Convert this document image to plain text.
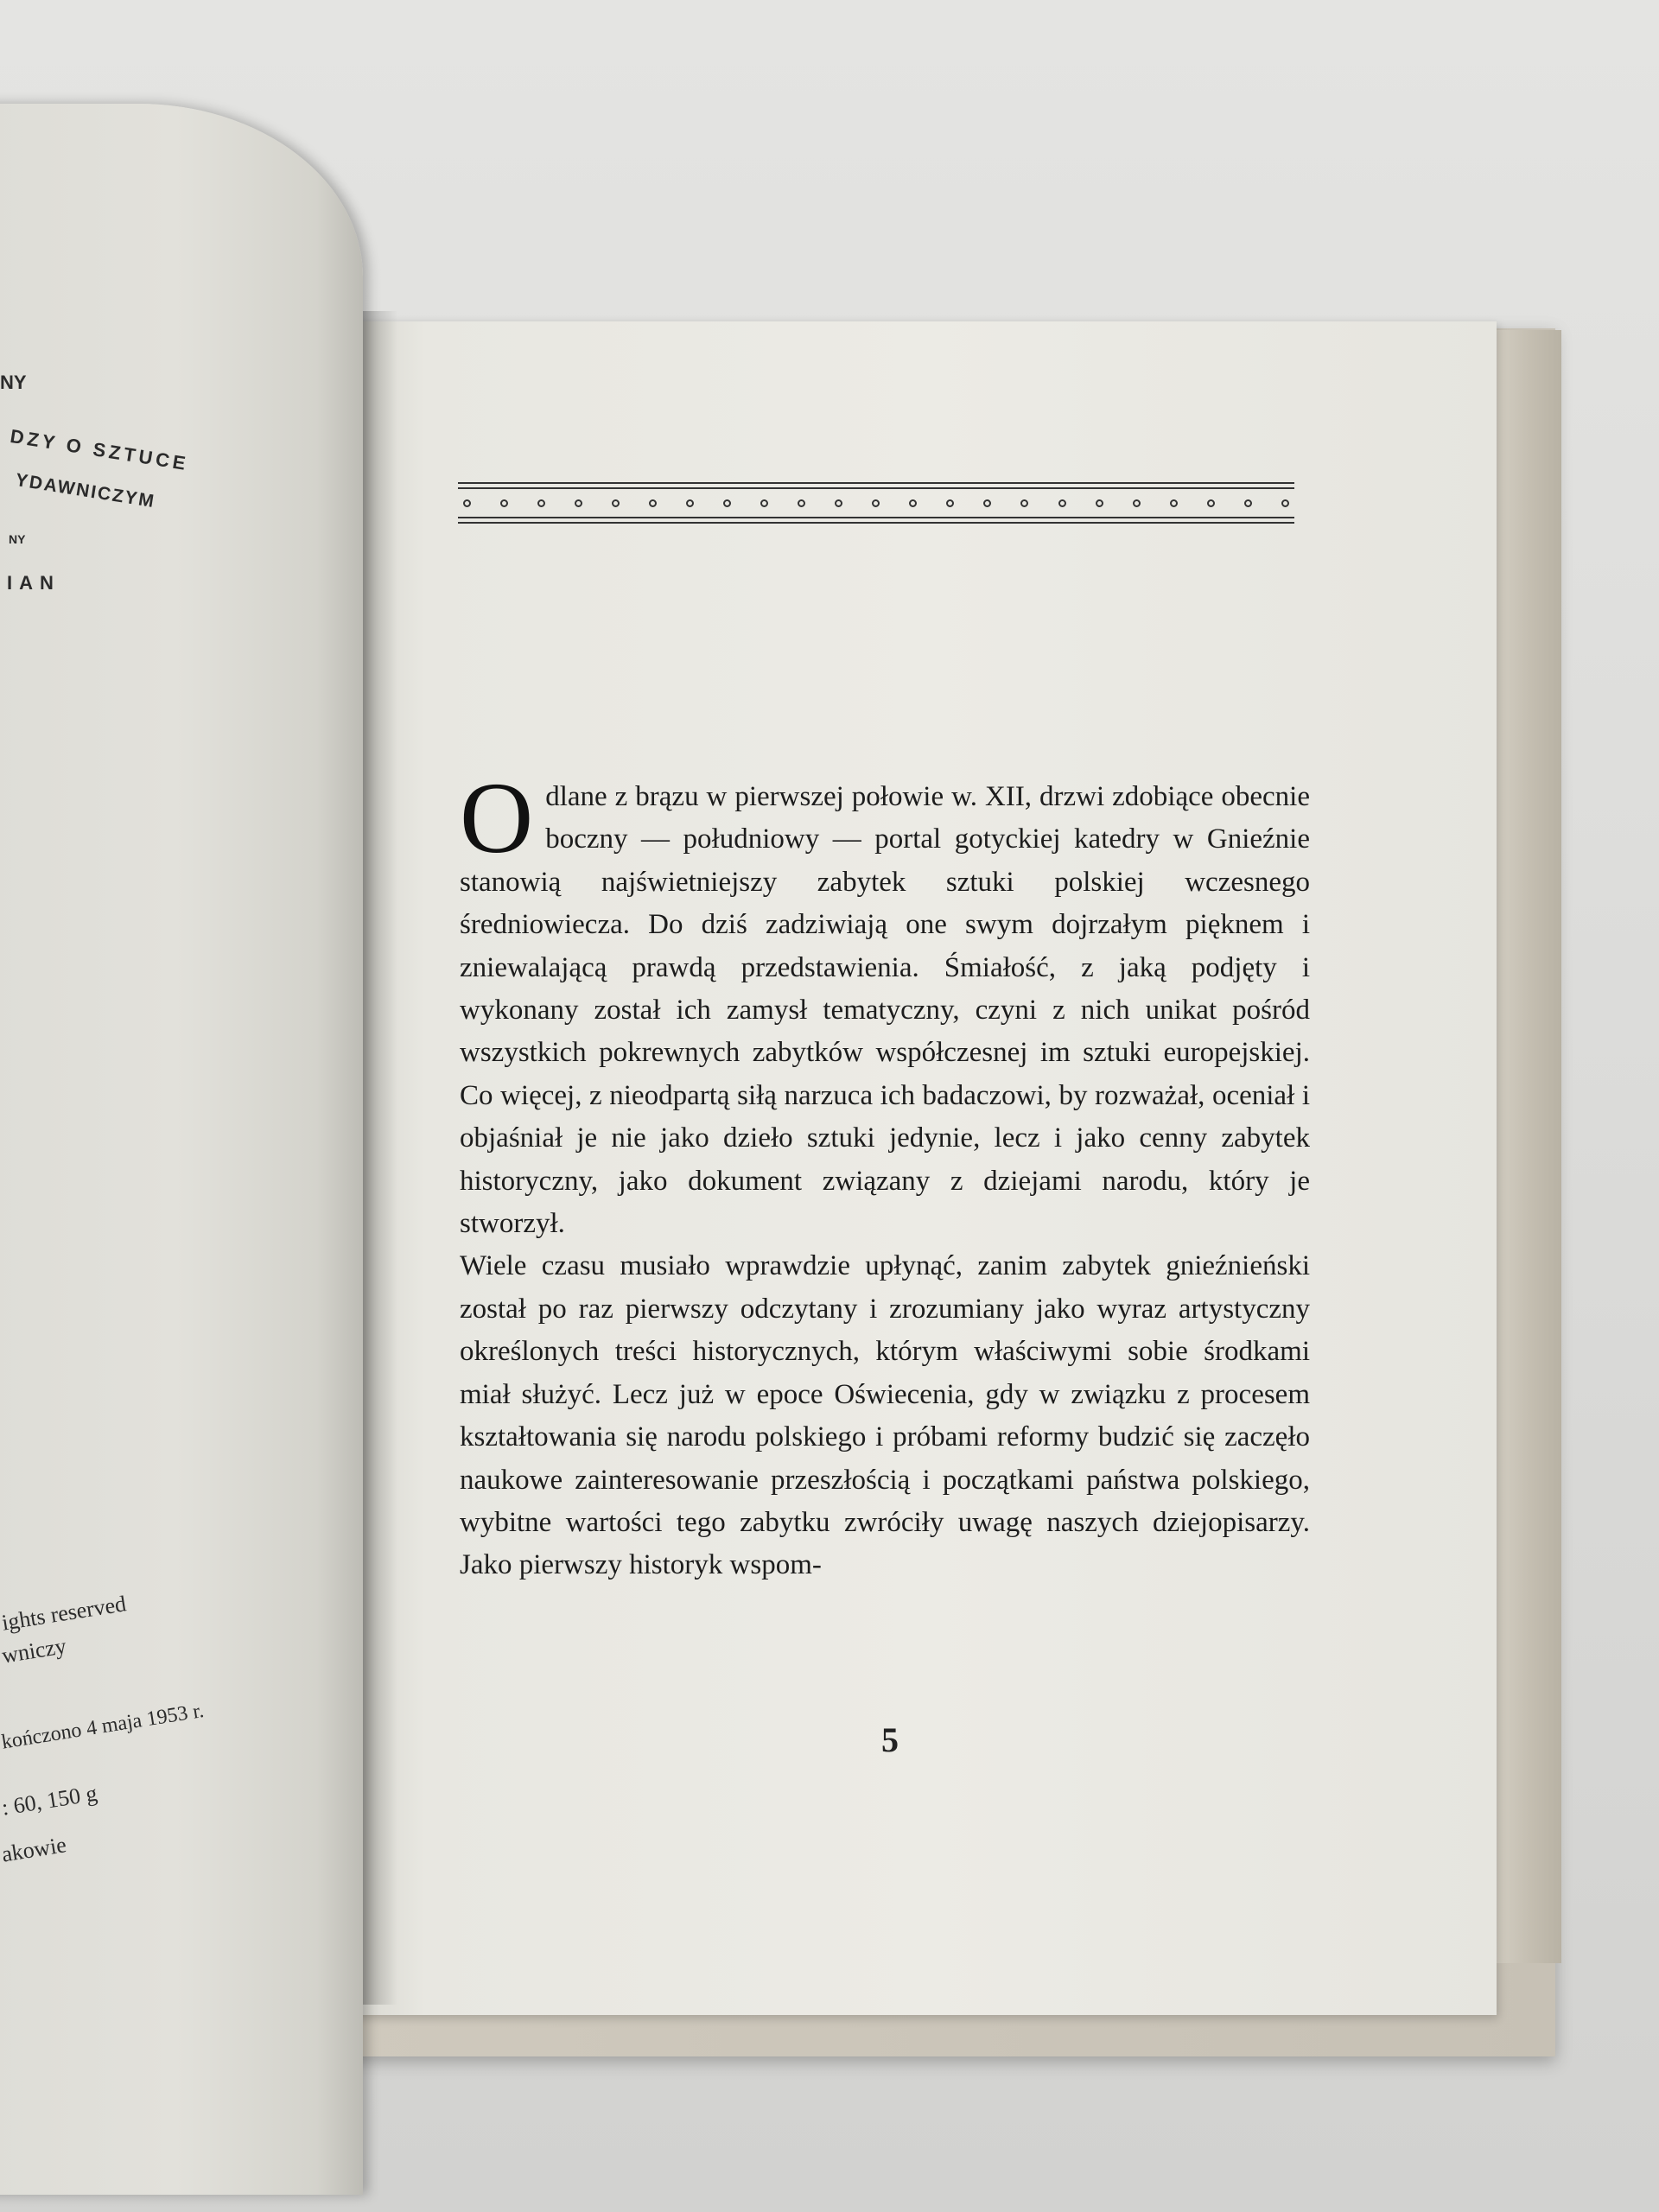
Odlane z brązu w pierwszej połowie w. XII, drzwi zdobiące obecnie boczny — południowy — portal gotyckiej katedry w Gnieźnie stanowią najświetniejszy zabytek sztuki polskiej wczesnego średniowiecza. Do dziś zadziwiają one swym dojrzałym pięknem i zniewalającą prawdą przedstawienia. Śmiałość, z jaką podjęty i wykonany został ich zamysł tematyczny, czyni z nich unikat pośród wszystkich pokrewnych zabytków współczesnej im sztuki europejskiej. Co więcej, z nieodpartą siłą narzuca ich badaczowi, by rozważał, oceniał i objaśniał je nie jako dzieło sztuki jedynie, lecz i jako cenny zabytek historyczny, jako dokument związany z dziejami narodu, który je stworzył.

Wiele czasu musiało wprawdzie upłynąć, zanim zabytek gnieźnieński został po raz pierwszy odczytany i zrozumiany jako wyraz artystyczny określonych treści historycznych, którym właściwymi sobie środkami miał służyć. Lecz już w epoce Oświecenia, gdy w związku z procesem kształtowania się narodu polskiego i próbami reformy budzić się zaczęło naukowe zainteresowanie przeszłością i początkami państwa polskiego, wybitne wartości tego zabytku zwróciły uwagę naszych dziejopisarzy. Jako pierwszy historyk wspom-

5
NY
DZY O SZTUCE
YDAWNICZYM
NY
IAN
ights reserved
wniczy
kończono 4 maja 1953 r.
: 60, 150 g
akowie
